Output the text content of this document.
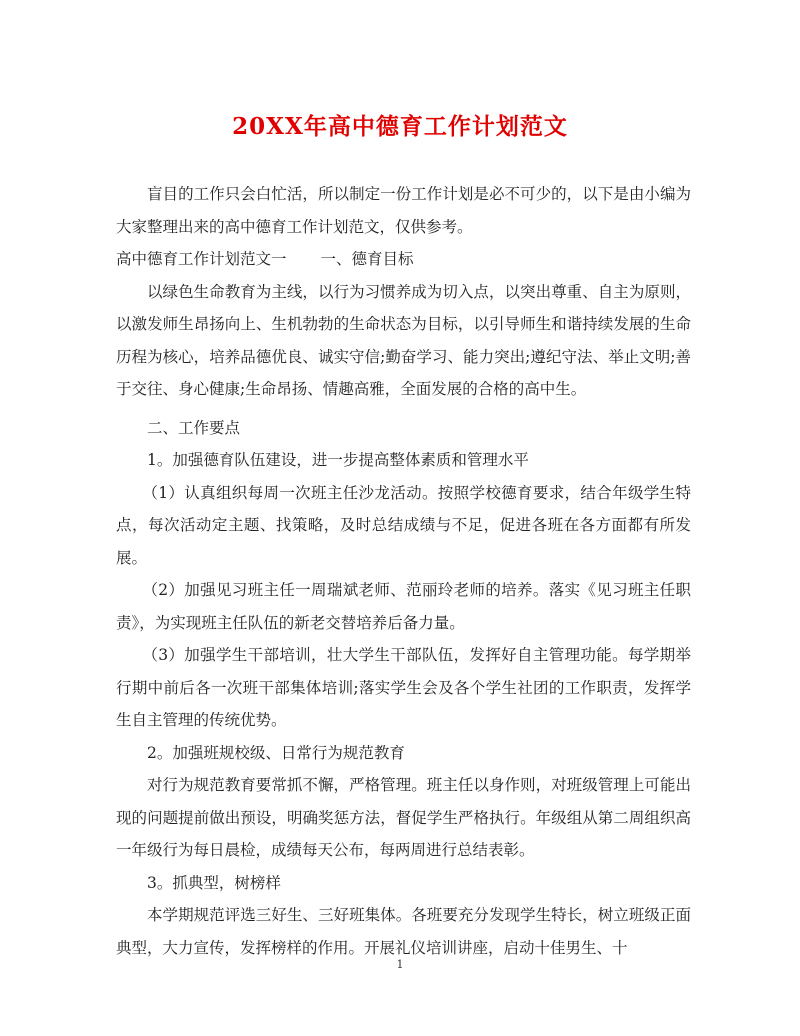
20XX年高中德育工作计划范文

盲目的工作只会白忙活，所以制定一份工作计划是必不可少的，以下是由小编为大家整理出来的高中德育工作计划范文，仅供参考。

高中德育工作计划范文一 一、德育目标

以绿色生命教育为主线，以行为习惯养成为切入点，以突出尊重、自主为原则，以激发师生昂扬向上、生机勃勃的生命状态为目标，以引导师生和谐持续发展的生命历程为核心，培养品德优良、诚实守信;勤奋学习、能力突出;遵纪守法、举止文明;善于交往、身心健康;生命昂扬、情趣高雅，全面发展的合格的高中生。

二、工作要点

1。加强德育队伍建设，进一步提高整体素质和管理水平

（1）认真组织每周一次班主任沙龙活动。按照学校德育要求，结合年级学生特点，每次活动定主题、找策略，及时总结成绩与不足，促进各班在各方面都有所发展。

（2）加强见习班主任一周瑞斌老师、范丽玲老师的培养。落实《见习班主任职责》，为实现班主任队伍的新老交替培养后备力量。

（3）加强学生干部培训，壮大学生干部队伍，发挥好自主管理功能。每学期举行期中前后各一次班干部集体培训;落实学生会及各个学生社团的工作职责，发挥学生自主管理的传统优势。

2。加强班规校级、日常行为规范教育

对行为规范教育要常抓不懈，严格管理。班主任以身作则，对班级管理上可能出现的问题提前做出预设，明确奖惩方法，督促学生严格执行。年级组从第二周组织高一年级行为每日晨检，成绩每天公布，每两周进行总结表彰。

3。抓典型，树榜样

本学期规范评选三好生、三好班集体。各班要充分发现学生特长，树立班级正面典型，大力宣传，发挥榜样的作用。开展礼仪培训讲座，启动十佳男生、十

1
